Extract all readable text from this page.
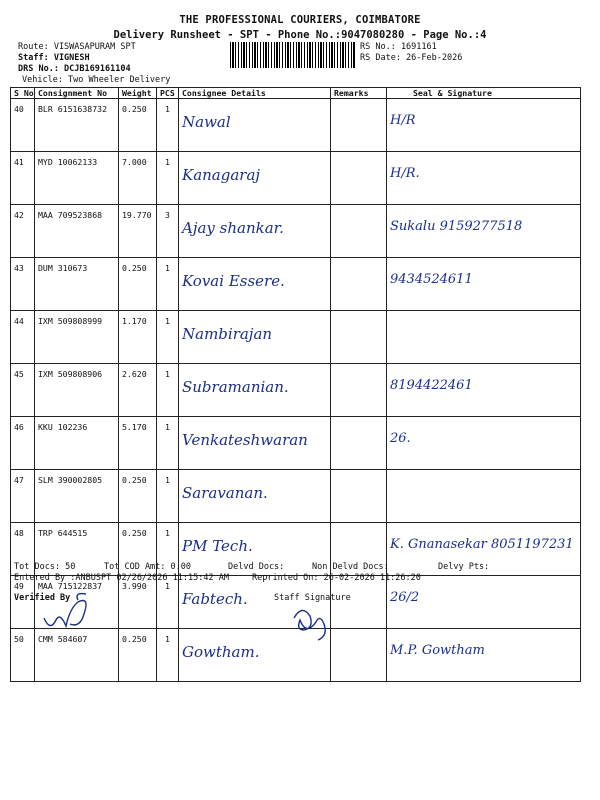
THE PROFESSIONAL COURIERS, COIMBATORE
Delivery Runsheet - SPT - Phone No.:9047080280 - Page No.:4
Route: VISWASAPURAM SPT
Staff: VIGNESH
DRS No.: DCJB169161104
Vehicle: Two Wheeler Delivery
RS No.: 1691161
RS Date: 26-Feb-2026
S No	Consignment No	Weight	PCS	Consignee Details	Remarks	Seal & Signature
40	BLR 6151638732	0.250	1	Nawal		H/R
41	MYD 10062133	7.000	1	Kanagaraj		H/R.
42	MAA 709523868	19.770	3	Ajay shankar.		Sukalu 9159277518
43	DUM 310673	0.250	1	Kovai Essere.		9434524611
44	IXM 509808999	1.170	1	Nambirajan		
45	IXM 509808906	2.620	1	Subramanian.		8194422461
46	KKU 102236	5.170	1	Venkateshwaran		26.
47	SLM 390002805	0.250	1	Saravanan.		
48	TRP 644515	0.250	1	PM Tech.		K. Gnanasekar 8051197231
49	MAA 715122837	3.990	1	Fabtech.		26/2
50	CMM 584607	0.250	1	Gowtham.		M.P. Gowtham
Tot Docs: 50	Tot COD Amt: 0.00	Delvd Docs:	Non Delvd Docs:	Delvy Pts:
Entered By :ANBUSPT 02/26/2026 11:15:42 AM	Reprinted On: 26-02-2026 11:26:20
Verified By	Staff Signature
